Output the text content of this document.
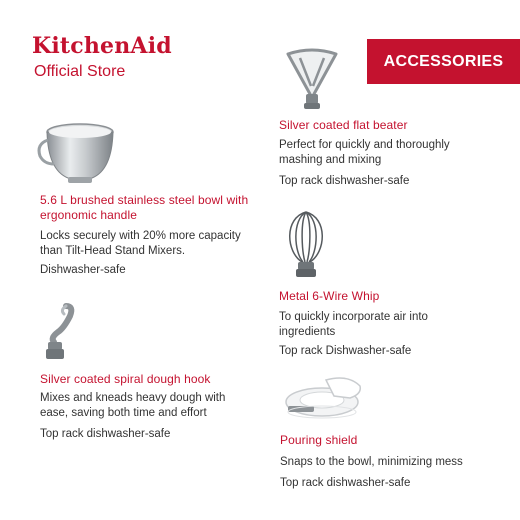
KitchenAid
Official Store
ACCESSORIES
5.6 L brushed stainless steel bowl with ergonomic handle
Locks securely with 20% more capacity than Tilt-Head Stand Mixers.
Dishwasher-safe
Silver coated flat beater
Perfect for quickly and thoroughly mashing and mixing
Top rack dishwasher-safe
Metal 6-Wire Whip
To quickly incorporate air into ingredients
Top rack Dishwasher-safe
Silver coated spiral dough hook
Mixes and kneads heavy dough with ease, saving both time and effort
Top rack dishwasher-safe	Pouring shield
Snaps to the bowl, minimizing mess
Top rack dishwasher-safe
